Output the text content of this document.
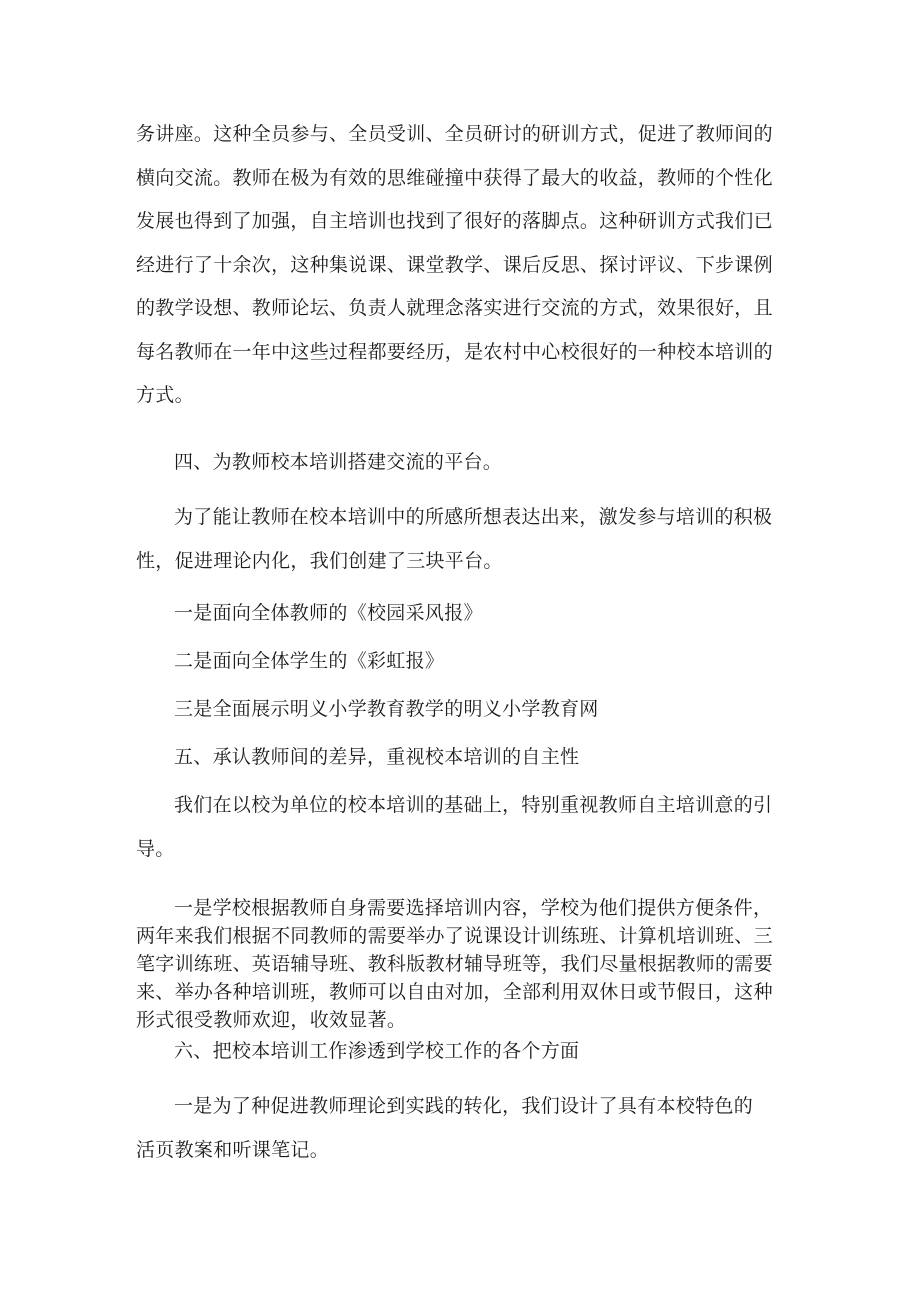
务讲座。这种全员参与、全员受训、全员研讨的研训方式，促进了教师间的
横向交流。教师在极为有效的思维碰撞中获得了最大的收益，教师的个性化
发展也得到了加强，自主培训也找到了很好的落脚点。这种研训方式我们已
经进行了十余次，这种集说课、课堂教学、课后反思、探讨评议、下步课例
的教学设想、教师论坛、负责人就理念落实进行交流的方式，效果很好，且
每名教师在一年中这些过程都要经历，是农村中心校很好的一种校本培训的
方式。

四、为教师校本培训搭建交流的平台。

为了能让教师在校本培训中的所感所想表达出来，激发参与培训的积极
性，促进理论内化，我们创建了三块平台。

一是面向全体教师的《校园采风报》

二是面向全体学生的《彩虹报》

三是全面展示明义小学教育教学的明义小学教育网

五、承认教师间的差异，重视校本培训的自主性

我们在以校为单位的校本培训的基础上，特别重视教师自主培训意的引
导。
一是学校根据教师自身需要选择培训内容，学校为他们提供方便条件，
两年来我们根据不同教师的需要举办了说课设计训练班、计算机培训班、三
笔字训练班、英语辅导班、教科版教材辅导班等，我们尽量根据教师的需要
来、举办各种培训班，教师可以自由对加，全部利用双休日或节假日，这种
形式很受教师欢迎，收效显著。

六、把校本培训工作渗透到学校工作的各个方面

一是为了种促进教师理论到实践的转化，我们设计了具有本校特色的
活页教案和听课笔记。
